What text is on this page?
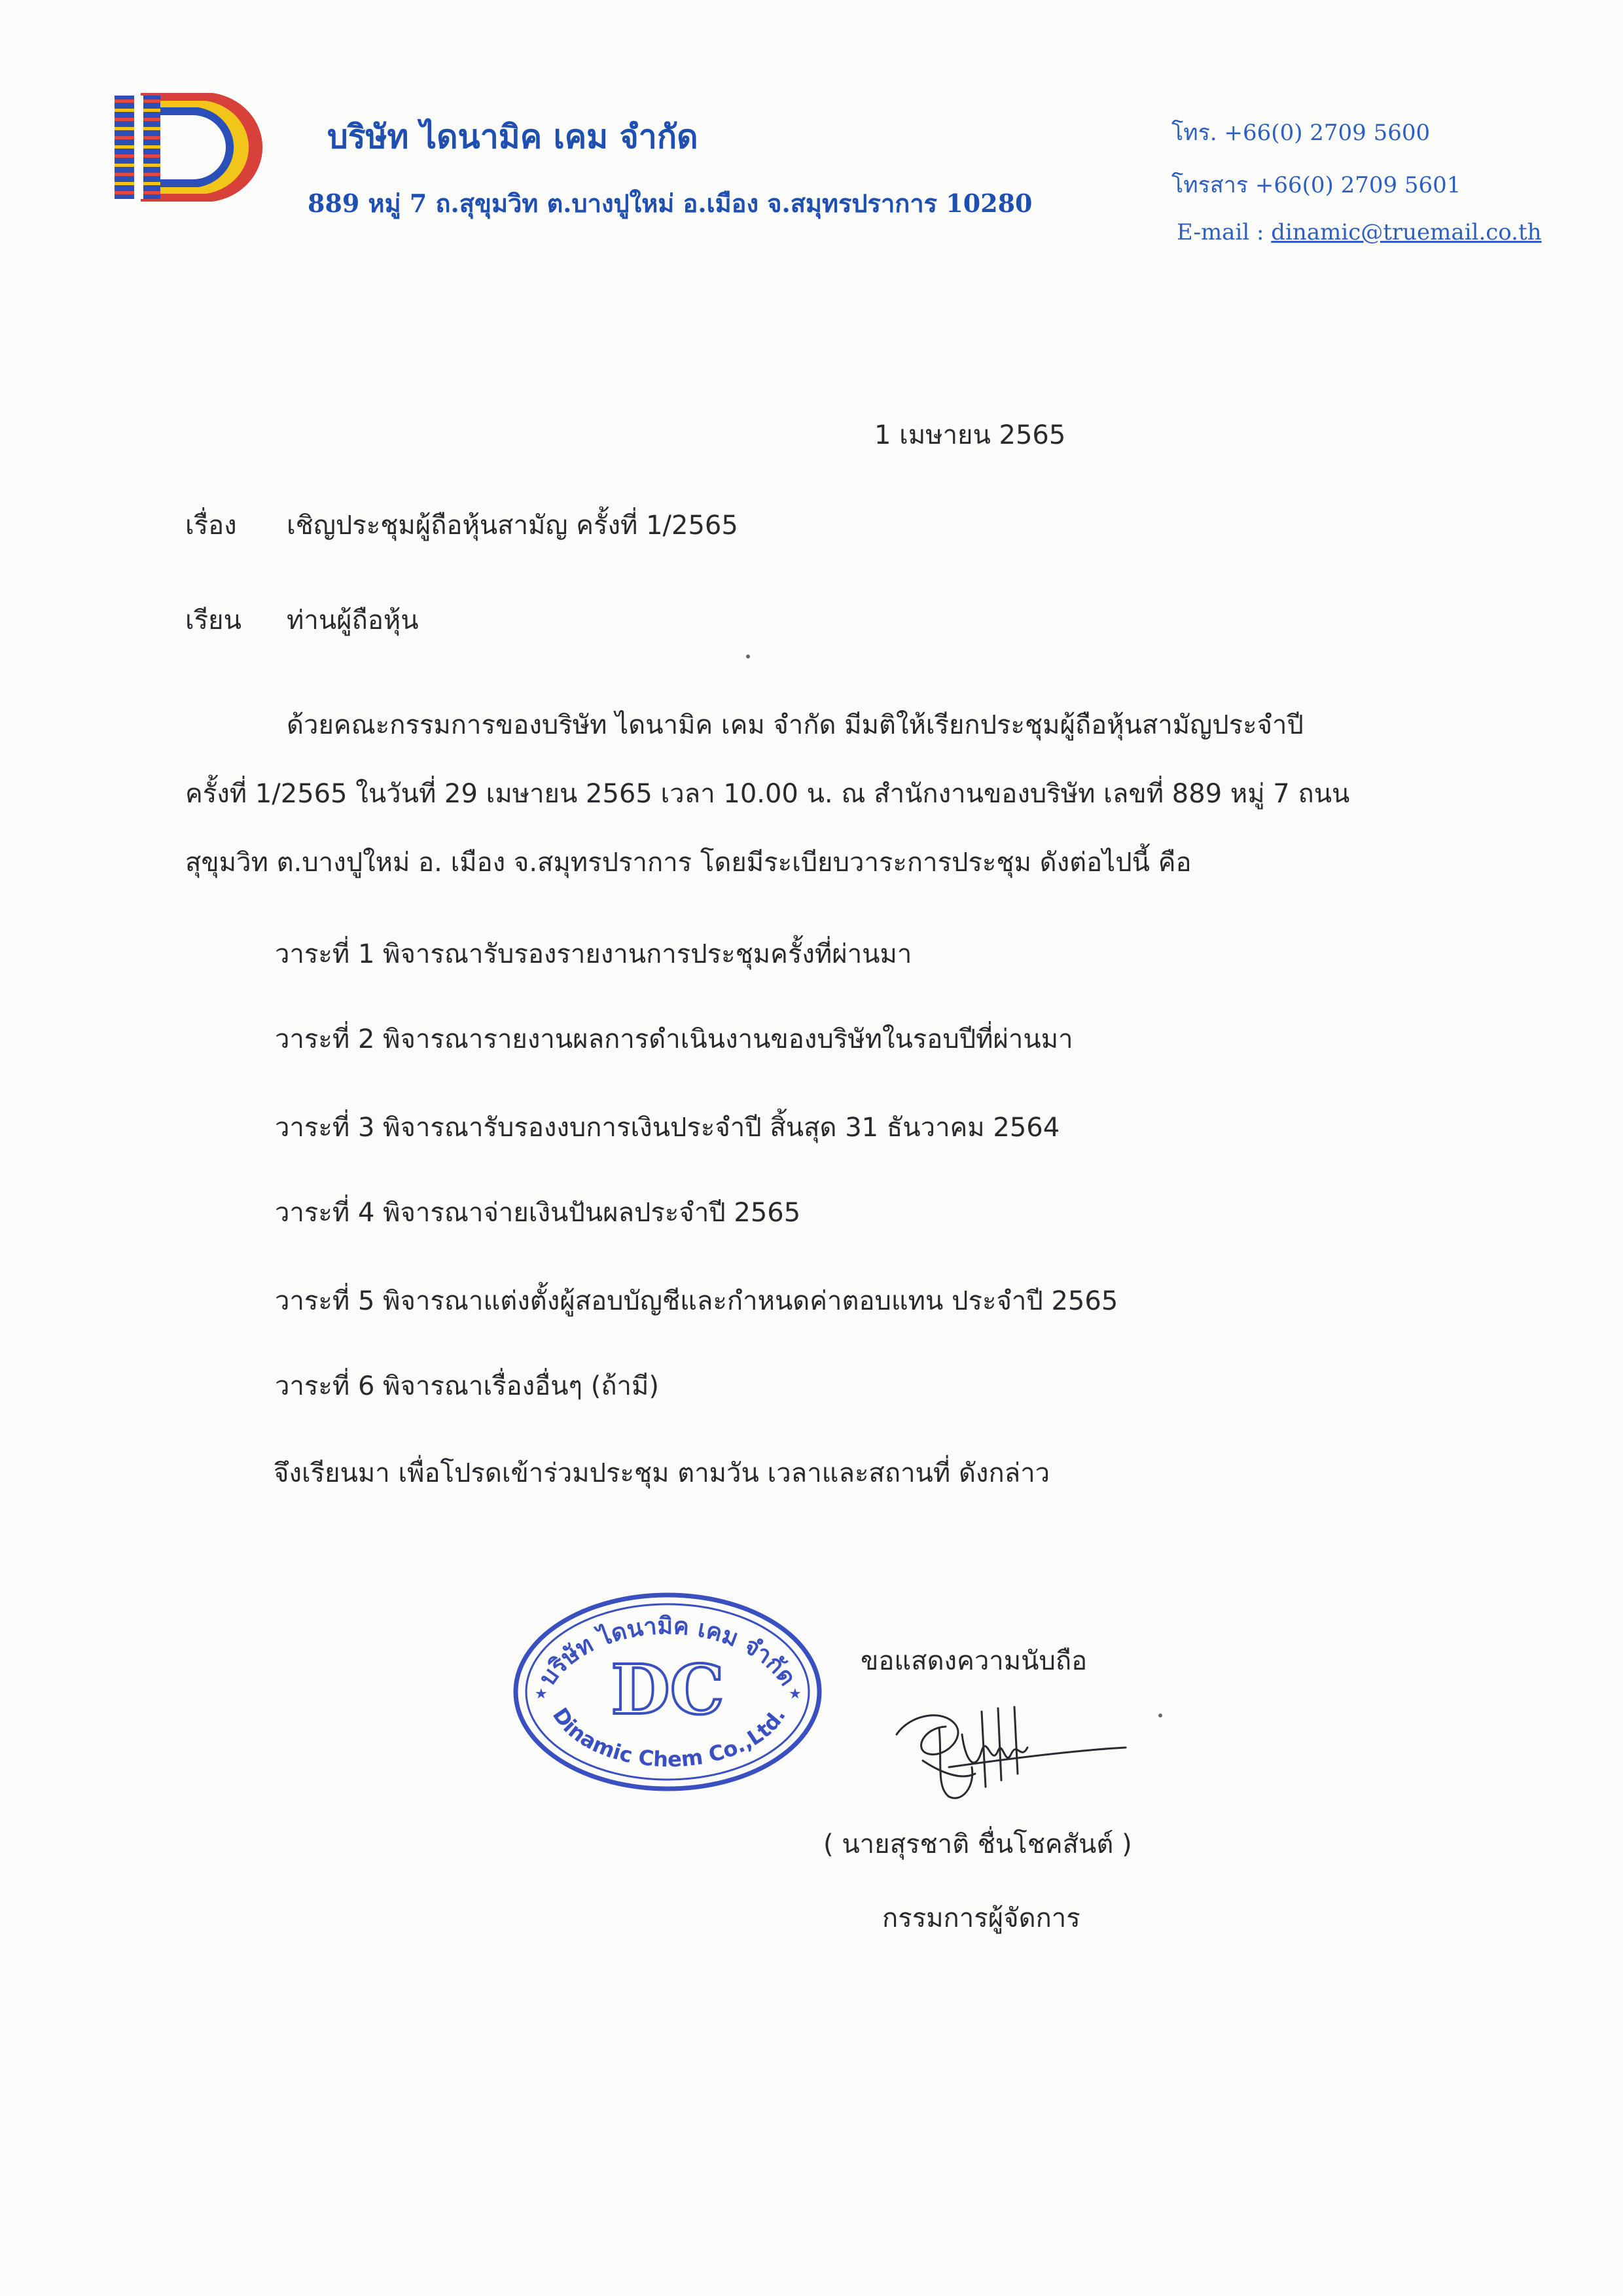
บริษัท ไดนามิค เคม จำกัด
889 หมู่ 7 ถ.สุขุมวิท ต.บางปูใหม่ อ.เมือง จ.สมุทรปราการ 10280
โทร. +66(0) 2709 5600
โทรสาร +66(0) 2709 5601
E-mail : dinamic@truemail.co.th
1 เมษายน 2565
เรื่อง เชิญประชุมผู้ถือหุ้นสามัญ ครั้งที่ 1/2565
เรียน ท่านผู้ถือหุ้น
ด้วยคณะกรรมการของบริษัท ไดนามิค เคม จำกัด มีมติให้เรียกประชุมผู้ถือหุ้นสามัญประจำปี
ครั้งที่ 1/2565 ในวันที่ 29 เมษายน 2565 เวลา 10.00 น. ณ สำนักงานของบริษัท เลขที่ 889 หมู่ 7 ถนน
สุขุมวิท ต.บางปูใหม่ อ. เมือง จ.สมุทรปราการ โดยมีระเบียบวาระการประชุม ดังต่อไปนี้ คือ
วาระที่ 1 พิจารณารับรองรายงานการประชุมครั้งที่ผ่านมา
วาระที่ 2 พิจารณารายงานผลการดำเนินงานของบริษัทในรอบปีที่ผ่านมา
วาระที่ 3 พิจารณารับรองงบการเงินประจำปี สิ้นสุด 31 ธันวาคม 2564
วาระที่ 4 พิจารณาจ่ายเงินปันผลประจำปี 2565
วาระที่ 5 พิจารณาแต่งตั้งผู้สอบบัญชีและกำหนดค่าตอบแทน ประจำปี 2565
วาระที่ 6 พิจารณาเรื่องอื่นๆ (ถ้ามี)
จึงเรียนมา เพื่อโปรดเข้าร่วมประชุม ตามวัน เวลาและสถานที่ ดังกล่าว
บริษัท ไดนามิค เคม จำกัด
Dinamic Chem Co.,Ltd.
★	★
DC	ขอแสดงความนับถือ
( นายสุรชาติ ชื่นโชคสันต์ )
กรรมการผู้จัดการ
